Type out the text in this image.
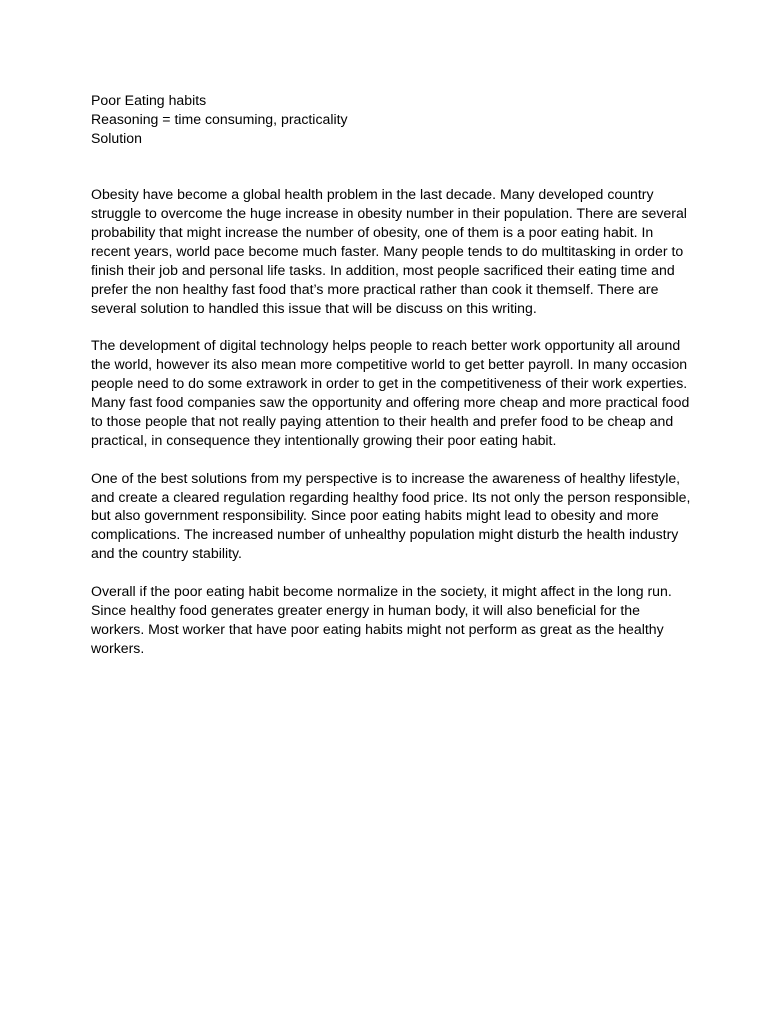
Poor Eating habits
Reasoning = time consuming, practicality
Solution
Obesity have become a global health problem in the last decade. Many developed country
struggle to overcome the huge increase in obesity number in their population. There are several
probability that might increase the number of obesity, one of them is a poor eating habit. In
recent years, world pace become much faster. Many people tends to do multitasking in order to
finish their job and personal life tasks. In addition, most people sacrificed their eating time and
prefer the non healthy fast food that’s more practical rather than cook it themself. There are
several solution to handled this issue that will be discuss on this writing.
The development of digital technology helps people to reach better work opportunity all around
the world, however its also mean more competitive world to get better payroll. In many occasion
people need to do some extrawork in order to get in the competitiveness of their work experties.
Many fast food companies saw the opportunity and offering more cheap and more practical food
to those people that not really paying attention to their health and prefer food to be cheap and
practical, in consequence they intentionally growing their poor eating habit.
One of the best solutions from my perspective is to increase the awareness of healthy lifestyle,
and create a cleared regulation regarding healthy food price. Its not only the person responsible,
but also government responsibility. Since poor eating habits might lead to obesity and more
complications. The increased number of unhealthy population might disturb the health industry
and the country stability.
Overall if the poor eating habit become normalize in the society, it might affect in the long run.
Since healthy food generates greater energy in human body, it will also beneficial for the
workers. Most worker that have poor eating habits might not perform as great as the healthy
workers.
